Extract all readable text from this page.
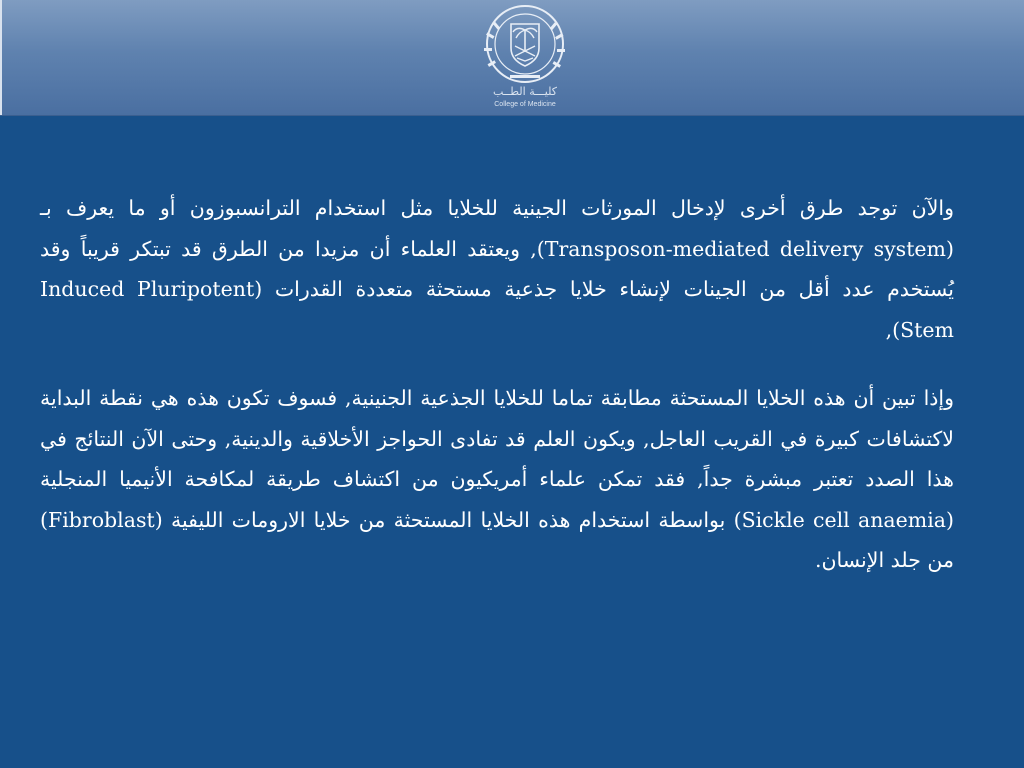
كليـــة الطــب
College of Medicine

والآن توجد طرق أخرى لإدخال المورثات الجينية للخلايا مثل استخدام الترانسبوزون أو ما يعرف بـ (Transposon-mediated delivery system), ويعتقد العلماء أن مزيدا من الطرق قد تبتكر قريباً وقد يُستخدم عدد أقل من الجينات لإنشاء خلايا جذعية مستحثة متعددة القدرات (Induced Pluripotent Stem),

وإذا تبين أن هذه الخلايا المستحثة مطابقة تماما للخلايا الجذعية الجنينية, فسوف تكون هذه هي نقطة البداية لاكتشافات كبيرة في القريب العاجل, ويكون العلم قد تفادى الحواجز الأخلاقية والدينية, وحتى الآن النتائج في هذا الصدد تعتبر مبشرة جداً, فقد تمكن علماء أمريكيون من اكتشاف طريقة لمكافحة الأنيميا المنجلية (Sickle cell anaemia) بواسطة استخدام هذه الخلايا المستحثة من خلايا الارومات الليفية (Fibroblast) من جلد الإنسان.
